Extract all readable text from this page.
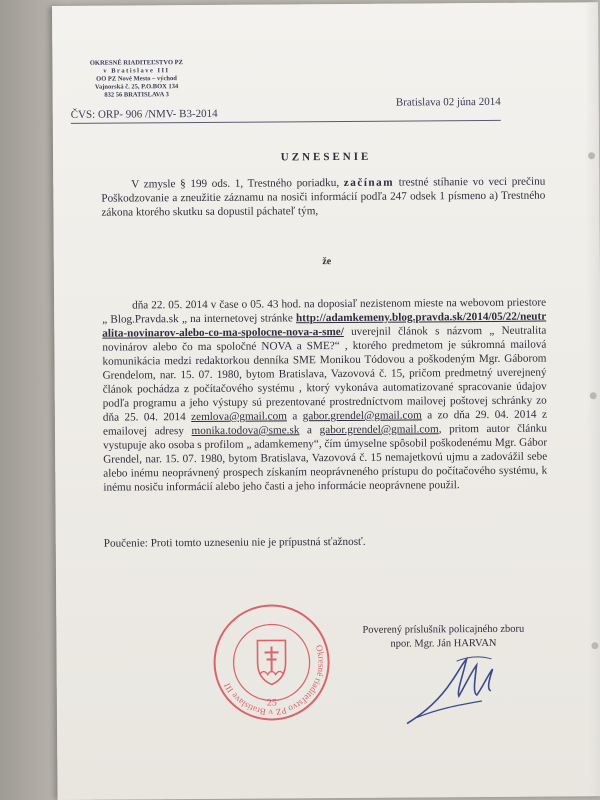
OKRESNÉ RIADITEĽSTVO PZ
v Bratislave III
OO PZ Nové Mesto – východ
Vajnorská č. 25, P.O.BOX 134
832 56 BRATISLAVA 3
ČVS: ORP- 906 /NMV- B3-2014
Bratislava 02 júna 2014
UZNESENIE
V zmysle § 199 ods. 1, Trestného poriadku, začínam trestné stíhanie vo veci prečinu Poškodzovanie a zneužitie záznamu na nosiči informácií podľa 247 odsek 1 písmeno a) Trestného zákona ktorého skutku sa dopustil páchateľ tým,
že
dňa 22. 05. 2014 v čase o 05. 43 hod. na doposiaľ nezistenom mieste na webovom priestore „ Blog.Pravda.sk „ na internetovej stránke http://adamkemeny.blog.pravda.sk/2014/05/22/neutralita-novinarov-alebo-co-ma-spolocne-nova-a-sme/ uverejnil článok s názvom „ Neutralita novinárov alebo čo ma spoločné NOVA a SME?“ , ktorého predmetom je súkromná mailová komunikácia medzi redaktorkou denníka SME Monikou Tódovou a poškodeným Mgr. Gáborom Grendelom, nar. 15. 07. 1980, bytom Bratislava, Vazovová č. 15, pričom predmetný uverejnený článok pochádza z počítačového systému , ktorý vykonáva automatizované spracovanie údajov podľa programu a jeho výstupy sú prezentované prostredníctvom mailovej poštovej schránky zo dňa 25. 04. 2014 zemlova@gmail.com a gabor.grendel@gmail.com a zo dňa 29. 04. 2014 z emailovej adresy monika.todova@sme.sk a gabor.grendel@gmail.com, pritom autor článku vystupuje ako osoba s profilom „ adamkemeny“, čím úmyselne spôsobil poškodenému Mgr. Gábor Grendel, nar. 15. 07. 1980, bytom Bratislava, Vazovová č. 15 nemajetkovú ujmu a zadovážil sebe alebo inému neoprávnený prospech získaním neoprávneného prístupu do počítačového systému, k inému nosiču informácií alebo jeho časti a jeho informácie neoprávnene použil.
Poučenie: Proti tomto uzneseniu nie je prípustná sťažnosť.
Okresné riaditeľstvo PZ v Bratislave III
25
Poverený príslušník policajného zboru
npor. Mgr. Ján HARVAN
